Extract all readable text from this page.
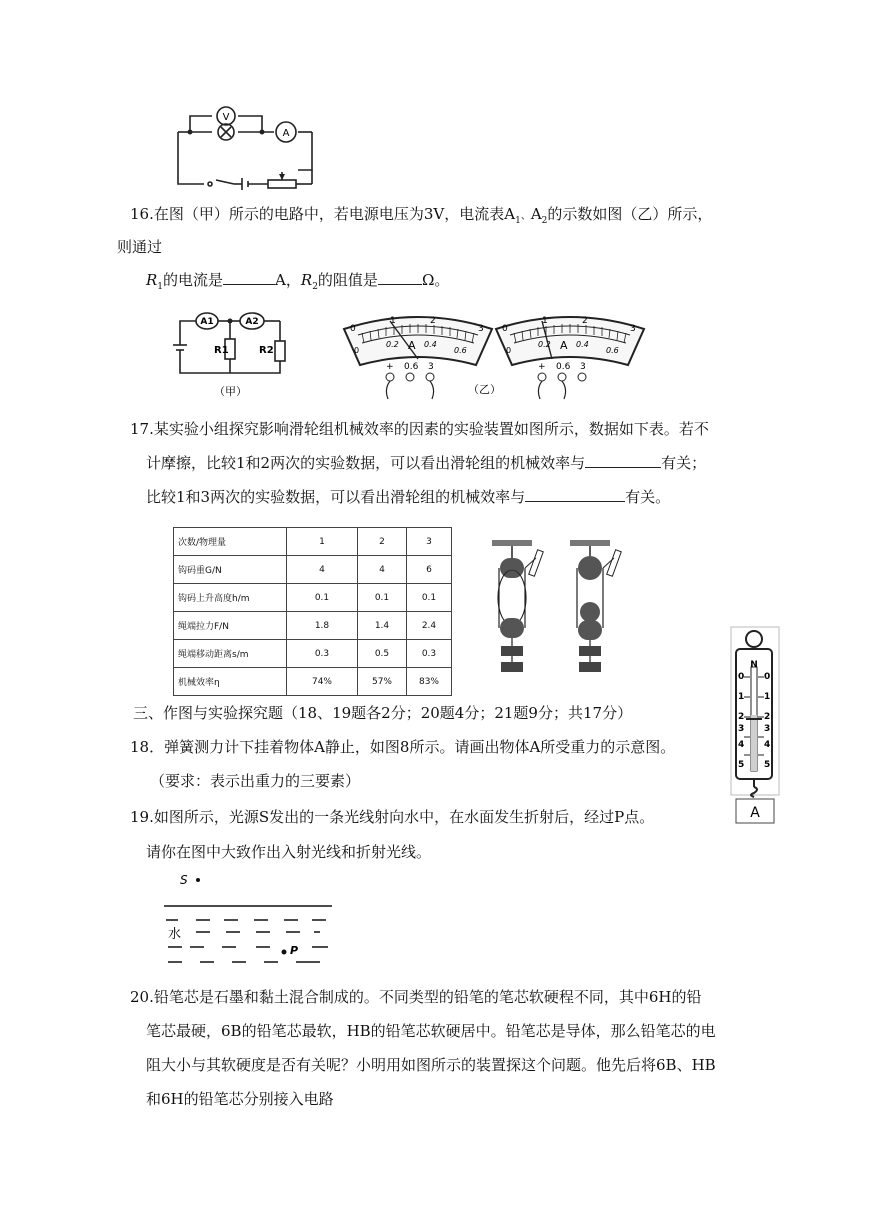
V
A
16.在图（甲）所示的电路中，若电源电压为3V，电流表$A_1$、$A_2$的示数如图（乙）所示，
则通过
$R_1$的电流是	A，$R_2$的阻值是	Ω。
A1	A2
R1	R2
（甲）
0
1	2
3
0
0.2	0.4
0.6
A
+ 0.6 3
（乙）
0
1	2
3
0
0.2	0.4
0.6
A
+ 0.6 3
17.某实验小组探究影响滑轮组机械效率的因素的实验装置如图所示，数据如下表。若不
计摩擦，比较1和2两次的实验数据，可以看出滑轮组的机械效率与	有关；
比较1和3两次的实验数据，可以看出滑轮组的机械效率与	有关。
次数/物理量	1	2	3
钩码重G/N	4	4	6
钩码上升高度h/m	0.1	0.1	0.1
绳端拉力F/N	1.8	1.4	2.4
绳端移动距离s/m	0.3	0.5	0.3
机械效率η	74%	57%	83%
N
0
1
2
3
4
5
0
1
2
3
4
5
A
三、作图与实验探究题（18、19题各2分；20题4分；21题9分；共17分）
18．弹簧测力计下挂着物体A静止，如图8所示。请画出物体A所受重力的示意图。
（要求：表示出重力的三要素）
19.如图所示，光源S发出的一条光线射向水中，在水面发生折射后，经过P点。
请你在图中大致作出入射光线和折射光线。
S
水
P
20.铅笔芯是石墨和黏土混合制成的。不同类型的铅笔的笔芯软硬程不同，其中6H的铅
笔芯最硬，6B的铅笔芯最软，HB的铅笔芯软硬居中。铅笔芯是导体，那么铅笔芯的电
阻大小与其软硬度是否有关呢？小明用如图所示的装置探这个问题。他先后将6B、HB
和6H的铅笔芯分别接入电路
